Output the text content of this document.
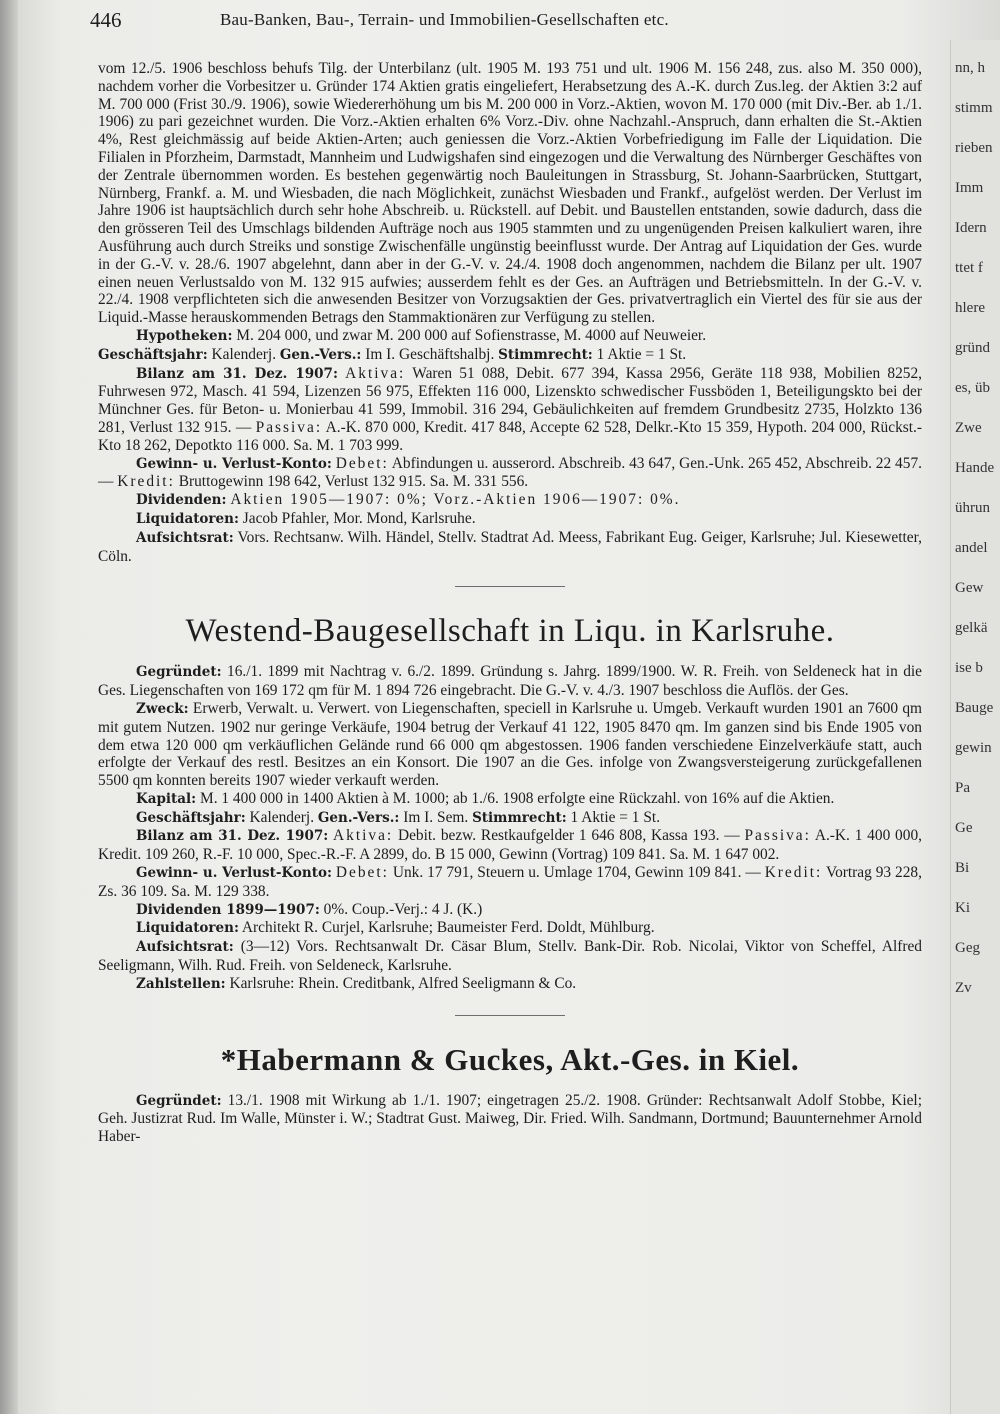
446	Bau-Banken, Bau-, Terrain- und Immobilien-Gesellschaften etc.
nn, h
stimm
rieben
Imm
Idern
ttet f
hlere
gründ
es, üb
Zwe
Hande
ührun
andel
Gew
gelkä
ise b
Bauge
gewin
Pa
Ge
Bi
Ki
Geg
Zv

vom 12./5. 1906 beschloss behufs Tilg. der Unterbilanz (ult. 1905 M. 193 751 und ult. 1906 M. 156 248, zus. also M. 350 000), nachdem vorher die Vorbesitzer u. Gründer 174 Aktien gratis eingeliefert, Herabsetzung des A.-K. durch Zus.leg. der Aktien 3:2 auf M. 700 000 (Frist 30./9. 1906), sowie Wiedererhöhung um bis M. 200 000 in Vorz.-Aktien, wovon M. 170 000 (mit Div.-Ber. ab 1./1. 1906) zu pari gezeichnet wurden. Die Vorz.-Aktien erhalten 6% Vorz.-Div. ohne Nachzahl.-Anspruch, dann erhalten die St.-Aktien 4%, Rest gleichmässig auf beide Aktien-Arten; auch geniessen die Vorz.-Aktien Vorbefriedigung im Falle der Liquidation. Die Filialen in Pforzheim, Darmstadt, Mannheim und Ludwigshafen sind eingezogen und die Verwaltung des Nürnberger Geschäftes von der Zentrale übernommen worden. Es bestehen gegenwärtig noch Bauleitungen in Strassburg, St. Johann-Saarbrücken, Stuttgart, Nürnberg, Frankf. a. M. und Wiesbaden, die nach Möglichkeit, zunächst Wiesbaden und Frankf., aufgelöst werden. Der Verlust im Jahre 1906 ist hauptsächlich durch sehr hohe Abschreib. u. Rückstell. auf Debit. und Baustellen entstanden, sowie dadurch, dass die den grösseren Teil des Umschlags bildenden Aufträge noch aus 1905 stammten und zu ungenügenden Preisen kalkuliert waren, ihre Ausführung auch durch Streiks und sonstige Zwischenfälle ungünstig beeinflusst wurde. Der Antrag auf Liquidation der Ges. wurde in der G.-V. v. 28./6. 1907 abgelehnt, dann aber in der G.-V. v. 24./4. 1908 doch angenommen, nachdem die Bilanz per ult. 1907 einen neuen Verlustsaldo von M. 132 915 aufwies; ausserdem fehlt es der Ges. an Aufträgen und Betriebsmitteln. In der G.-V. v. 22./4. 1908 verpflichteten sich die anwesenden Besitzer von Vorzugsaktien der Ges. privatvertraglich ein Viertel des für sie aus der Liquid.-Masse herauskommenden Betrags den Stammaktionären zur Verfügung zu stellen.

Hypotheken: M. 204 000, und zwar M. 200 000 auf Sofienstrasse, M. 4000 auf Neuweier.

Geschäftsjahr: Kalenderj. Gen.-Vers.: Im I. Geschäftshalbj. Stimmrecht: 1 Aktie = 1 St.

Bilanz am 31. Dez. 1907: Aktiva: Waren 51 088, Debit. 677 394, Kassa 2956, Geräte 118 938, Mobilien 8252, Fuhrwesen 972, Masch. 41 594, Lizenzen 56 975, Effekten 116 000, Lizenskto schwedischer Fussböden 1, Beteiligungskto bei der Münchner Ges. für Beton- u. Monierbau 41 599, Immobil. 316 294, Gebäulichkeiten auf fremdem Grundbesitz 2735, Holzkto 136 281, Verlust 132 915. — Passiva: A.-K. 870 000, Kredit. 417 848, Accepte 62 528, Delkr.-Kto 15 359, Hypoth. 204 000, Rückst.-Kto 18 262, Depotkto 116 000. Sa. M. 1 703 999.

Gewinn- u. Verlust-Konto: Debet: Abfindungen u. ausserord. Abschreib. 43 647, Gen.-Unk. 265 452, Abschreib. 22 457. — Kredit: Bruttogewinn 198 642, Verlust 132 915. Sa. M. 331 556.

Dividenden: Aktien 1905—1907: 0%; Vorz.-Aktien 1906—1907: 0%.

Liquidatoren: Jacob Pfahler, Mor. Mond, Karlsruhe.

Aufsichtsrat: Vors. Rechtsanw. Wilh. Händel, Stellv. Stadtrat Ad. Meess, Fabrikant Eug. Geiger, Karlsruhe; Jul. Kiesewetter, Cöln.

Westend-Baugesellschaft in Liqu. in Karlsruhe.

Gegründet: 16./1. 1899 mit Nachtrag v. 6./2. 1899. Gründung s. Jahrg. 1899/1900. W. R. Freih. von Seldeneck hat in die Ges. Liegenschaften von 169 172 qm für M. 1 894 726 eingebracht. Die G.-V. v. 4./3. 1907 beschloss die Auflös. der Ges.

Zweck: Erwerb, Verwalt. u. Verwert. von Liegenschaften, speciell in Karlsruhe u. Umgeb. Verkauft wurden 1901 an 7600 qm mit gutem Nutzen. 1902 nur geringe Verkäufe, 1904 betrug der Verkauf 41 122, 1905 8470 qm. Im ganzen sind bis Ende 1905 von dem etwa 120 000 qm verkäuflichen Gelände rund 66 000 qm abgestossen. 1906 fanden verschiedene Einzelverkäufe statt, auch erfolgte der Verkauf des restl. Besitzes an ein Konsort. Die 1907 an die Ges. infolge von Zwangsversteigerung zurückgefallenen 5500 qm konnten bereits 1907 wieder verkauft werden.

Kapital: M. 1 400 000 in 1400 Aktien à M. 1000; ab 1./6. 1908 erfolgte eine Rückzahl. von 16% auf die Aktien.

Geschäftsjahr: Kalenderj. Gen.-Vers.: Im I. Sem. Stimmrecht: 1 Aktie = 1 St.

Bilanz am 31. Dez. 1907: Aktiva: Debit. bezw. Restkaufgelder 1 646 808, Kassa 193. — Passiva: A.-K. 1 400 000, Kredit. 109 260, R.-F. 10 000, Spec.-R.-F. A 2899, do. B 15 000, Gewinn (Vortrag) 109 841. Sa. M. 1 647 002.

Gewinn- u. Verlust-Konto: Debet: Unk. 17 791, Steuern u. Umlage 1704, Gewinn 109 841. — Kredit: Vortrag 93 228, Zs. 36 109. Sa. M. 129 338.

Dividenden 1899—1907: 0%. Coup.-Verj.: 4 J. (K.)

Liquidatoren: Architekt R. Curjel, Karlsruhe; Baumeister Ferd. Doldt, Mühlburg.

Aufsichtsrat: (3—12) Vors. Rechtsanwalt Dr. Cäsar Blum, Stellv. Bank-Dir. Rob. Nicolai, Viktor von Scheffel, Alfred Seeligmann, Wilh. Rud. Freih. von Seldeneck, Karlsruhe.

Zahlstellen: Karlsruhe: Rhein. Creditbank, Alfred Seeligmann & Co.

*Habermann & Guckes, Akt.-Ges. in Kiel.

Gegründet: 13./1. 1908 mit Wirkung ab 1./1. 1907; eingetragen 25./2. 1908. Gründer: Rechtsanwalt Adolf Stobbe, Kiel; Geh. Justizrat Rud. Im Walle, Münster i. W.; Stadtrat Gust. Maiweg, Dir. Fried. Wilh. Sandmann, Dortmund; Bauunternehmer Arnold Haber-
